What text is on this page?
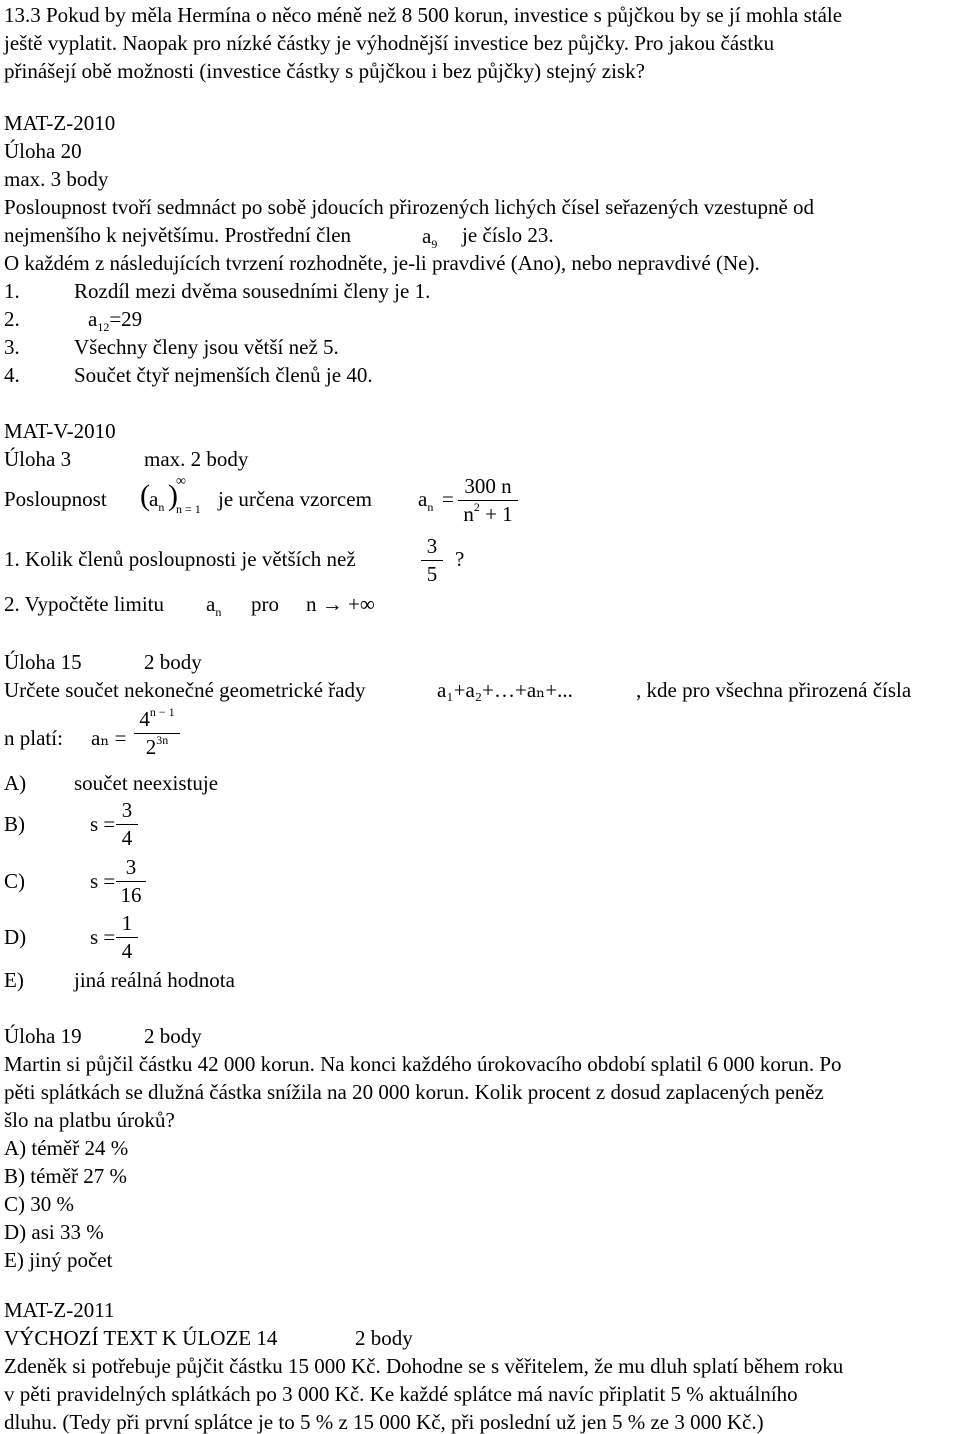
13.3 Pokud by měla Hermína o něco méně než 8 500 korun, investice s půjčkou by se jí mohla stále
ještě vyplatit. Naopak pro nízké částky je výhodnější investice bez půjčky. Pro jakou částku
přinášejí obě možnosti (investice částky s půjčkou i bez půjčky) stejný zisk?
MAT-Z-2010
Úloha 20
max. 3 body
Posloupnost tvoří sedmnáct po sobě jdoucích přirozených lichých čísel seřazených vzestupně od
nejmenšího k největšímu. Prostřední člen	$a_9$ je číslo 23.
O každém z následujících tvrzení rozhodněte, je-li pravdivé (Ano), nebo nepravdivé (Ne).
1.	Rozdíl mezi dvěma sousedními členy je 1.
2.	$a_{12}=29$
3.	Všechny členy jsou větší než 5.
4.	Součet čtyř nejmenších členů je 40.
MAT-V-2010
Úloha 3	max. 2 body
Posloupnost ( $a_n$ )
∞
n = 1 je určena vzorcem $a_n$ =
300 n
$n^2 + 1$
1. Kolik členů posloupnosti je větších než
3
5
?
2. Vypočtěte limitu $a_n$ pro n → +∞
Úloha 15	2 body
Určete součet nekonečné geometrické řady	a₁+a₂+…+aₙ+...	, kde pro všechna přirozená čísla
n platí: aₙ =
$4^{n - 1}$
$2^{3n}$
A) součet neexistuje
B)	s =
3
4
C)	s =
3
16
D)	s =
1
4
E) jiná reálná hodnota
Úloha 19	2 body
Martin si půjčil částku 42 000 korun. Na konci každého úrokovacího období splatil 6 000 korun. Po
pěti splátkách se dlužná částka snížila na 20 000 korun. Kolik procent z dosud zaplacených peněz
šlo na platbu úroků?
A) téměř 24 %
B) téměř 27 %
C) 30 %
D) asi 33 %
E) jiný počet
MAT-Z-2011
VÝCHOZÍ TEXT K ÚLOZE 14	2 body
Zdeněk si potřebuje půjčit částku 15 000 Kč. Dohodne se s věřitelem, že mu dluh splatí během roku
v pěti pravidelných splátkách po 3 000 Kč. Ke každé splátce má navíc připlatit 5 % aktuálního
dluhu. (Tedy při první splátce je to 5 % z 15 000 Kč, při poslední už jen 5 % ze 3 000 Kč.)
